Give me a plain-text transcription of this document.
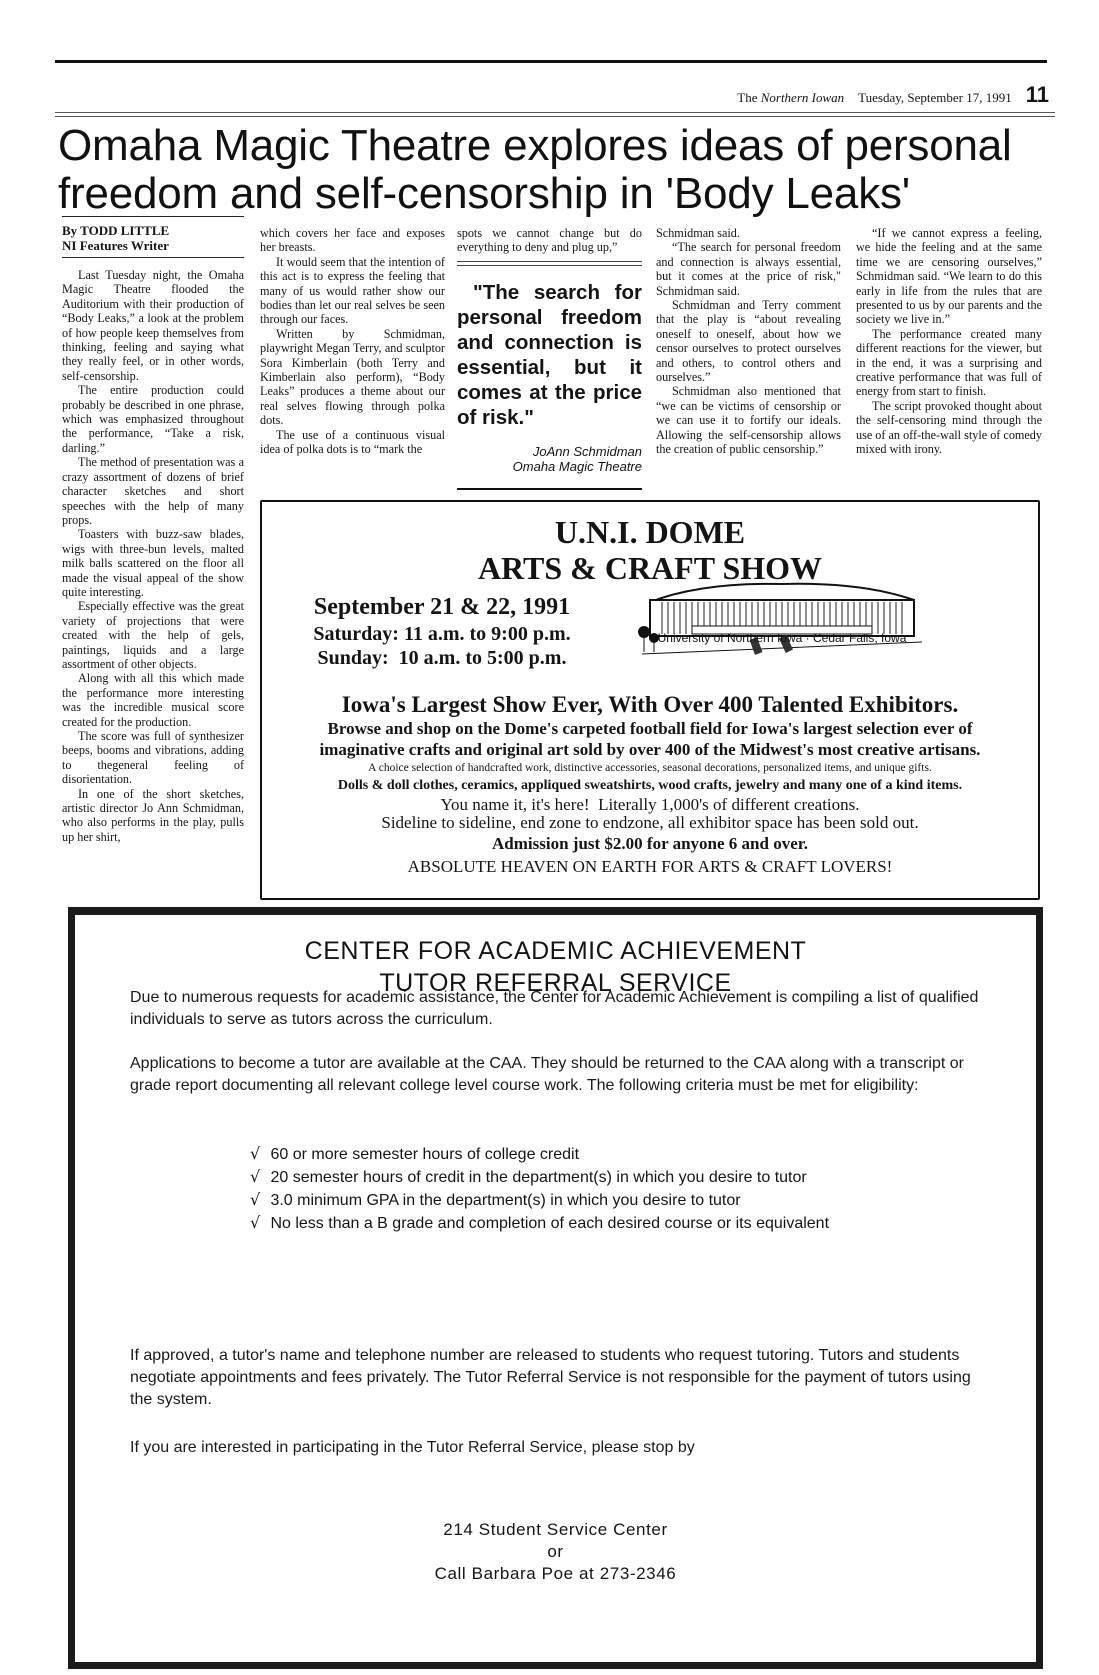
The Northern Iowan Tuesday, September 17, 1991 11
Omaha Magic Theatre explores ideas of personal
freedom and self-censorship in 'Body Leaks'
By TODD LITTLE
NI Features Writer

Last Tuesday night, the Omaha Magic Theatre flooded the Auditorium with their production of “Body Leaks,” a look at the problem of how people keep themselves from thinking, feeling and saying what they really feel, or in other words, self-censorship.

The entire production could probably be described in one phrase, which was emphasized throughout the performance, “Take a risk, darling.”

The method of presentation was a crazy assortment of dozens of brief character sketches and short speeches with the help of many props.

Toasters with buzz-saw blades, wigs with three-bun levels, malted milk balls scattered on the floor all made the visual appeal of the show quite interesting.

Especially effective was the great variety of projections that were created with the help of gels, paintings, liquids and a large assortment of other objects.

Along with all this which made the performance more interesting was the incredible musical score created for the production.

The score was full of synthesizer beeps, booms and vibrations, adding to thegeneral feeling of disorientation.

In one of the short sketches, artistic director Jo Ann Schmidman, who also performs in the play, pulls up her shirt,

which covers her face and exposes her breasts.

It would seem that the intention of this act is to express the feeling that many of us would rather show our bodies than let our real selves be seen through our faces.

Written by Schmidman, playwright Megan Terry, and sculptor Sora Kimberlain (both Terry and Kimberlain also perform), “Body Leaks” produces a theme about our real selves flowing through polka dots.

The use of a continuous visual idea of polka dots is to “mark the

spots we cannot change but do everything to deny and plug up,”

"The search for personal freedom and connection is essential, but it comes at the price of risk."

JoAnn Schmidman
Omaha Magic Theatre

Schmidman said.

“The search for personal freedom and connection is always essential, but it comes at the price of risk," Schmidman said.

Schmidman and Terry comment that the play is “about revealing oneself to oneself, about how we censor ourselves to protect ourselves and others, to control others and ourselves.”

Schmidman also mentioned that “we can be victims of censorship or we can use it to fortify our ideals. Allowing the self-censorship allows the creation of public censorship.”

“If we cannot express a feeling, we hide the feeling and at the same time we are censoring ourselves,” Schmidman said. “We learn to do this early in life from the rules that are presented to us by our parents and the society we live in.”

The performance created many different reactions for the viewer, but in the end, it was a surprising and creative performance that was full of energy from start to finish.

The script provoked thought about the self-censoring mind through the use of an off-the-wall style of comedy mixed with irony.

U.N.I. DOME
ARTS & CRAFT SHOW
September 21 & 22, 1991
Saturday: 11 a.m. to 9:00 p.m.
Sunday:  10 a.m. to 5:00 p.m.
University of Northern Iowa · Cedar Falls, Iowa
Iowa's Largest Show Ever, With Over 400 Talented Exhibitors.
Browse and shop on the Dome's carpeted football field for Iowa's largest selection ever of
imaginative crafts and original art sold by over 400 of the Midwest's most creative artisans.
A choice selection of handcrafted work, distinctive accessories, seasonal decorations, personalized items, and unique gifts.
Dolls & doll clothes, ceramics, appliqued sweatshirts, wood crafts, jewelry and many one of a kind items.
You name it, it's here!  Literally 1,000's of different creations.
Sideline to sideline, end zone to endzone, all exhibitor space has been sold out.
Admission just $2.00 for anyone 6 and over.
ABSOLUTE HEAVEN ON EARTH FOR ARTS & CRAFT LOVERS!
CENTER FOR ACADEMIC ACHIEVEMENT
TUTOR REFERRAL SERVICE

Due to numerous requests for academic assistance, the Center for Academic Achievement is compiling a list of qualified individuals to serve as tutors across the curriculum.

Applications to become a tutor are available at the CAA. They should be returned to the CAA along with a transcript or grade report documenting all relevant college level course work. The following criteria must be met for eligibility:

√ 60 or more semester hours of college credit
√ 20 semester hours of credit in the department(s) in which you desire to tutor
√ 3.0 minimum GPA in the department(s) in which you desire to tutor
√ No less than a B grade and completion of each desired course or its equivalent

If approved, a tutor's name and telephone number are released to students who request tutoring. Tutors and students negotiate appointments and fees privately. The Tutor Referral Service is not responsible for the payment of tutors using the system.

If you are interested in participating in the Tutor Referral Service, please stop by

214 Student Service Center
or
Call Barbara Poe at 273-2346
